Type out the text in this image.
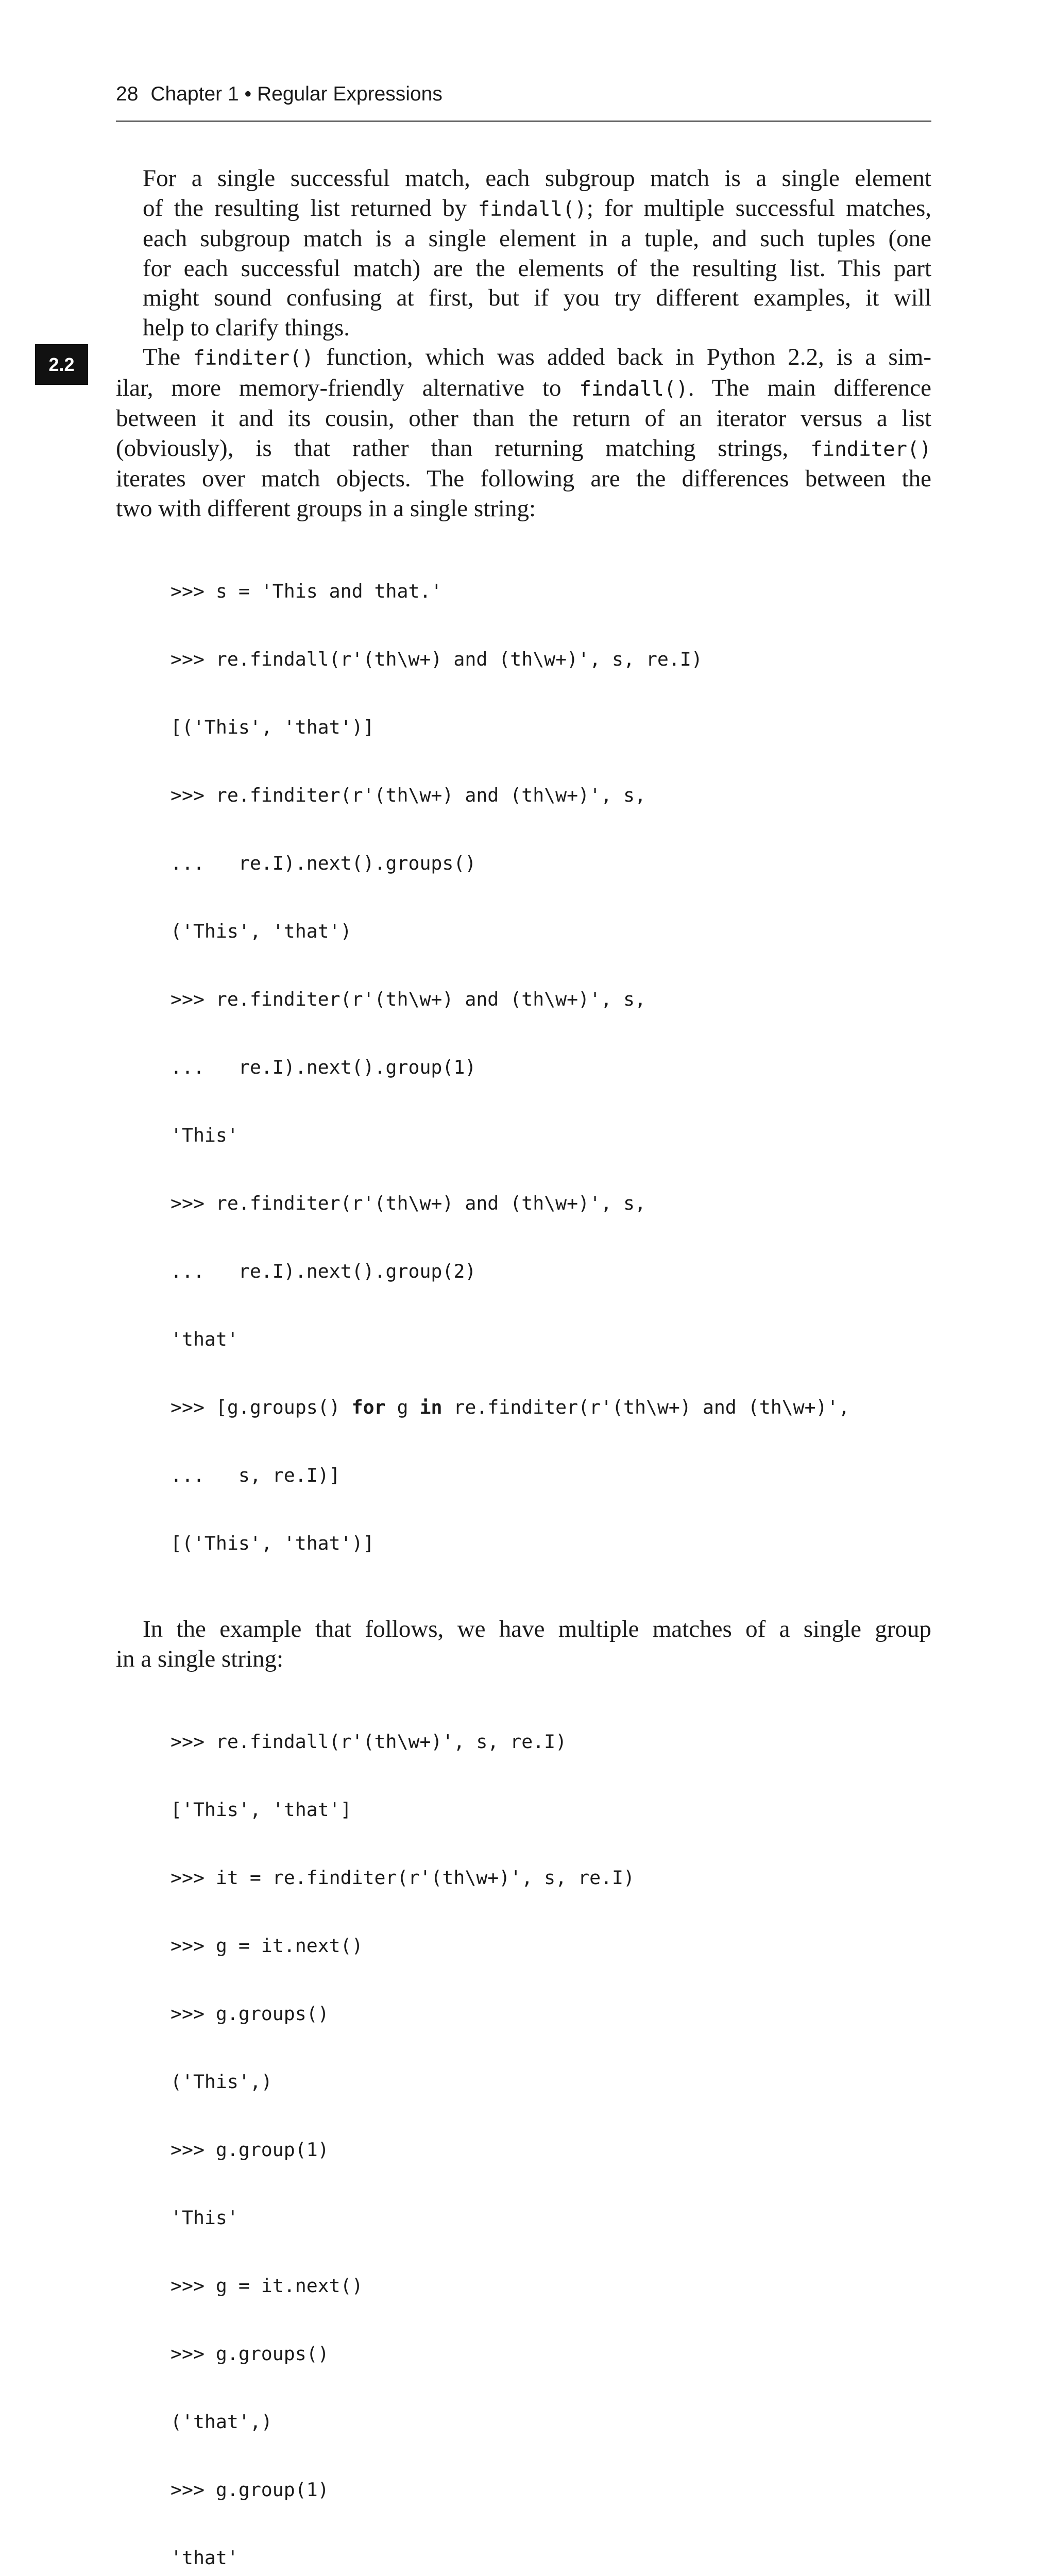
28 Chapter 1 • Regular Expressions
2.2

For a single successful match, each subgroup match is a single element
of the resulting list returned by findall(); for multiple successful matches,
each subgroup match is a single element in a tuple, and such tuples (one
for each successful match) are the elements of the resulting list. This part
might sound confusing at first, but if you try different examples, it will
help to clarify things.

The finditer() function, which was added back in Python 2.2, is a sim-
ilar, more memory-friendly alternative to findall(). The main difference
between it and its cousin, other than the return of an iterator versus a list
(obviously), is that rather than returning matching strings, finditer()
iterates over match objects. The following are the differences between the
two with different groups in a single string:

>>> s = 'This and that.'

>>> re.findall(r'(th\w+) and (th\w+)', s, re.I)

[('This', 'that')]

>>> re.finditer(r'(th\w+) and (th\w+)', s,

...   re.I).next().groups()

('This', 'that')

>>> re.finditer(r'(th\w+) and (th\w+)', s,

...   re.I).next().group(1)

'This'

>>> re.finditer(r'(th\w+) and (th\w+)', s,

...   re.I).next().group(2)

'that'

>>> [g.groups() for g in re.finditer(r'(th\w+) and (th\w+)',

...   s, re.I)]

[('This', 'that')]

In the example that follows, we have multiple matches of a single group
in a single string:

>>> re.findall(r'(th\w+)', s, re.I)

['This', 'that']

>>> it = re.finditer(r'(th\w+)', s, re.I)

>>> g = it.next()

>>> g.groups()

('This',)

>>> g.group(1)

'This'

>>> g = it.next()

>>> g.groups()

('that',)

>>> g.group(1)

'that'
